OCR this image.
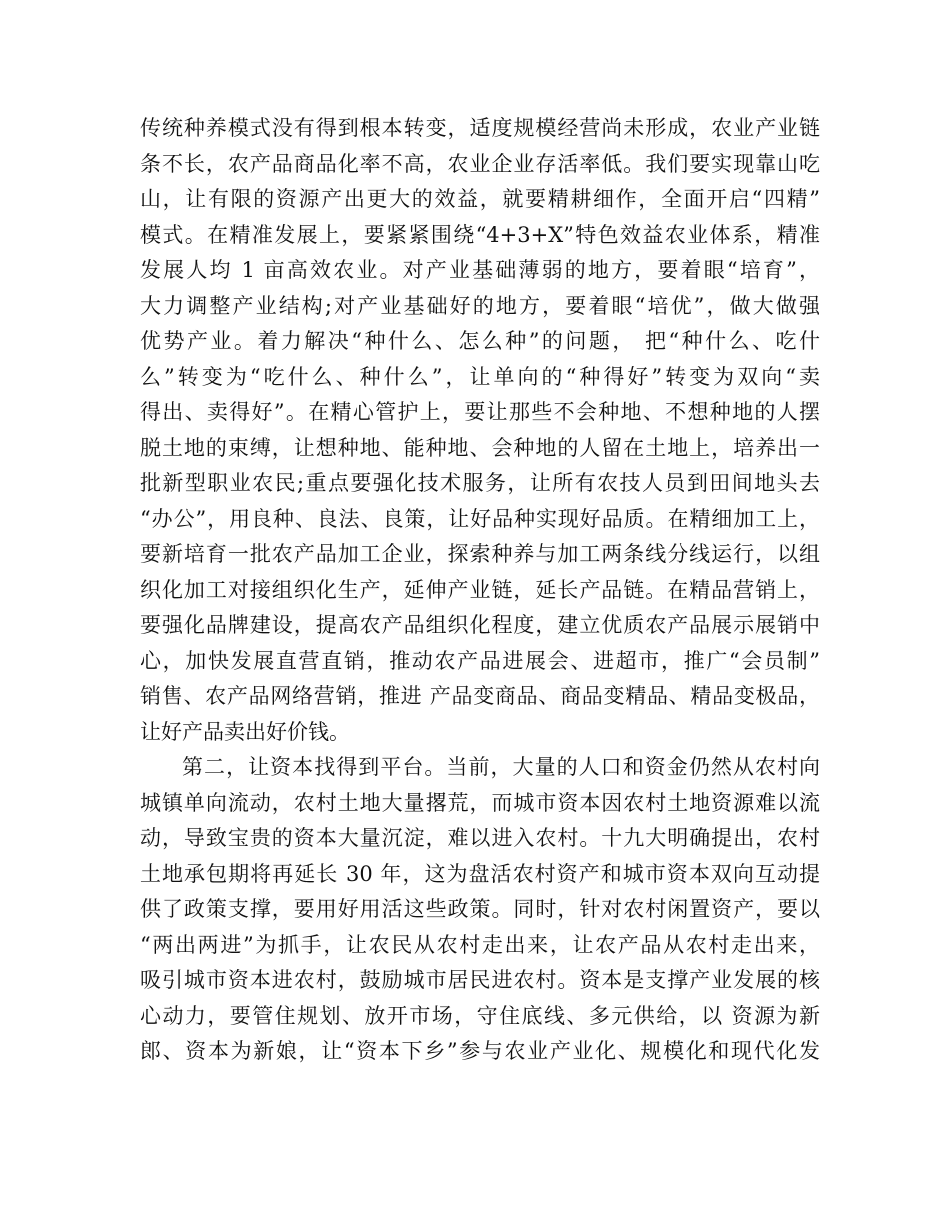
传统种养模式没有得到根本转变，适度规模经营尚未形成，农业产业链
条不长，农产品商品化率不高，农业企业存活率低。我们要实现靠山吃
山，让有限的资源产出更大的效益，就要精耕细作，全面开启“四精”
模式。在精准发展上，要紧紧围绕“4+3+X”特色效益农业体系，精准
发展人均 1 亩高效农业。对产业基础薄弱的地方，要着眼“培育”，
大力调整产业结构;对产业基础好的地方，要着眼“培优”，做大做强
优势产业。着力解决“种什么、怎么种”的问题， 把“种什么、吃什
么”转变为“吃什么、种什么”，让单向的“种得好”转变为双向“卖
得出、卖得好”。在精心管护上，要让那些不会种地、不想种地的人摆
脱土地的束缚，让想种地、能种地、会种地的人留在土地上，培养出一
批新型职业农民;重点要强化技术服务，让所有农技人员到田间地头去
“办公”，用良种、良法、良策，让好品种实现好品质。在精细加工上，
要新培育一批农产品加工企业，探索种养与加工两条线分线运行，以组
织化加工对接组织化生产，延伸产业链，延长产品链。在精品营销上，
要强化品牌建设，提高农产品组织化程度，建立优质农产品展示展销中
心，加快发展直营直销，推动农产品进展会、进超市，推广“会员制”
销售、农产品网络营销，推进 产品变商品、商品变精品、精品变极品，
让好产品卖出好价钱。
第二，让资本找得到平台。当前，大量的人口和资金仍然从农村向
城镇单向流动，农村土地大量撂荒，而城市资本因农村土地资源难以流
动，导致宝贵的资本大量沉淀，难以进入农村。十九大明确提出，农村
土地承包期将再延长 30 年，这为盘活农村资产和城市资本双向互动提
供了政策支撑，要用好用活这些政策。同时，针对农村闲置资产，要以
“两出两进”为抓手，让农民从农村走出来，让农产品从农村走出来，
吸引城市资本进农村，鼓励城市居民进农村。资本是支撑产业发展的核
心动力，要管住规划、放开市场，守住底线、多元供给，以 资源为新
郎、资本为新娘，让“资本下乡”参与农业产业化、规模化和现代化发
